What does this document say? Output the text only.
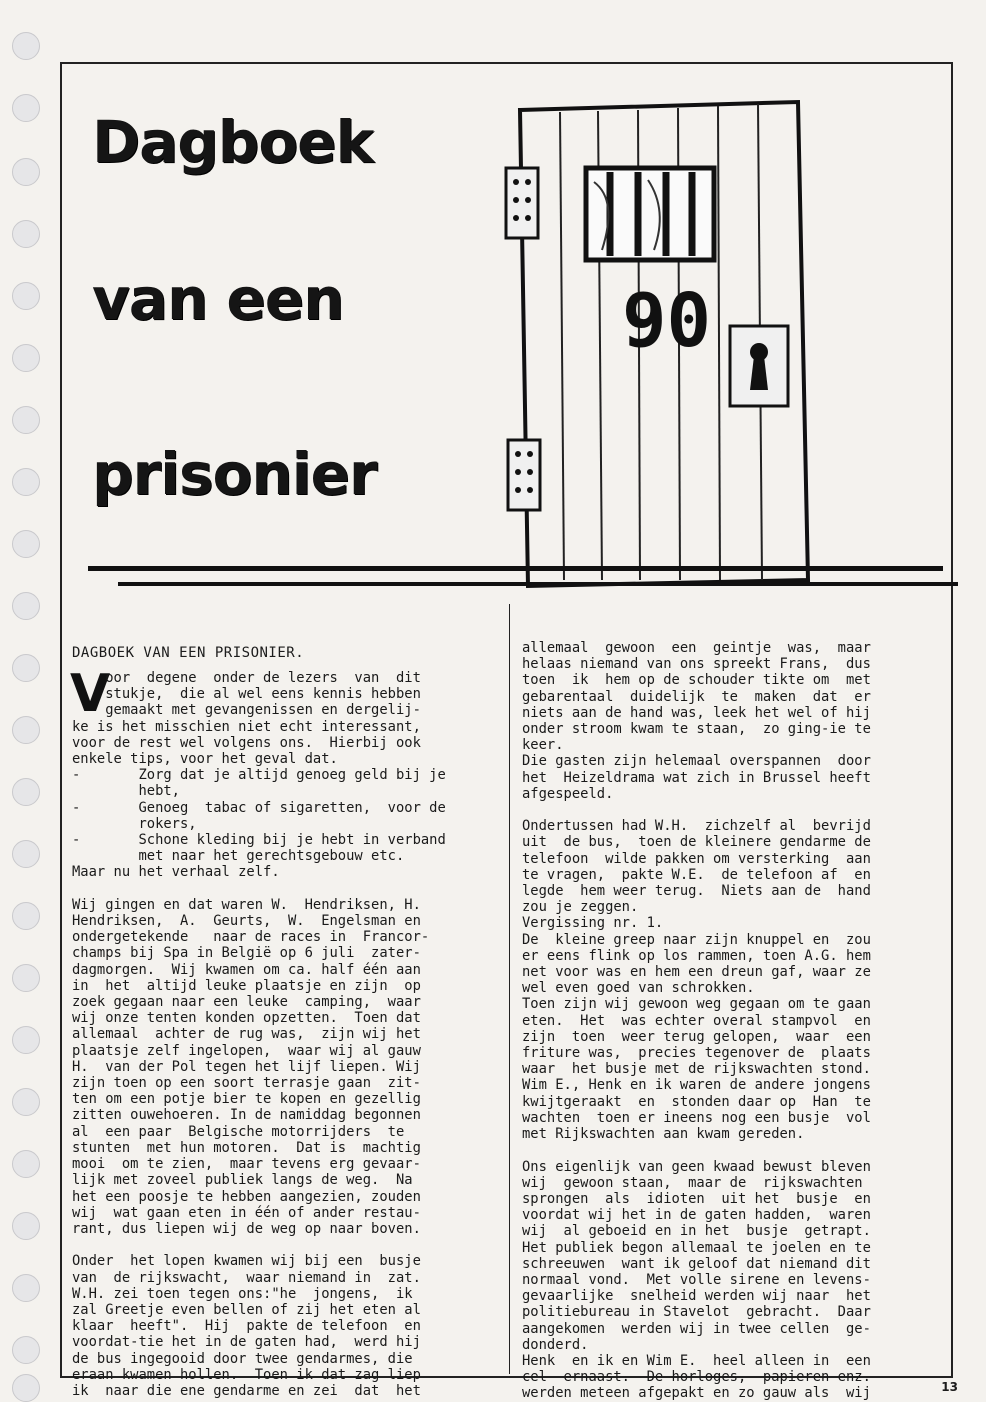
Dagboek
van een
prisonier
90
DAGBOEK VAN EEN PRISONIER.
V
oor  degene  onder de lezers  van  dit
stukje,  die al wel eens kennis hebben
gemaakt met gevangenissen en dergelij-
ke is het misschien niet echt interessant,
voor de rest wel volgens ons.  Hierbij ook
enkele tips, voor het geval dat.
-       Zorg dat je altijd genoeg geld bij je
hebt,
-       Genoeg  tabac of sigaretten,  voor de
rokers,
-       Schone kleding bij je hebt in verband
met naar het gerechtsgebouw etc.
Maar nu het verhaal zelf.

Wij gingen en dat waren W.  Hendriksen, H.
Hendriksen,  A.  Geurts,  W.  Engelsman en
ondergetekende   naar de races in  Francor-
champs bij Spa in België op 6 juli  zater-
dagmorgen.  Wij kwamen om ca. half één aan
in  het  altijd leuke plaatsje en zijn  op
zoek gegaan naar een leuke  camping,  waar
wij onze tenten konden opzetten.  Toen dat
allemaal  achter de rug was,  zijn wij het
plaatsje zelf ingelopen,  waar wij al gauw
H.  van der Pol tegen het lijf liepen. Wij
zijn toen op een soort terrasje gaan  zit-
ten om een potje bier te kopen en gezellig
zitten ouwehoeren. In de namiddag begonnen
al  een paar  Belgische motorrijders  te
stunten  met hun motoren.  Dat is  machtig
mooi  om te zien,  maar tevens erg gevaar-
lijk met zoveel publiek langs de weg.  Na
het een poosje te hebben aangezien, zouden
wij  wat gaan eten in één of ander restau-
rant, dus liepen wij de weg op naar boven.

Onder  het lopen kwamen wij bij een  busje
van  de rijkswacht,  waar niemand in  zat.
W.H. zei toen tegen ons:"he  jongens,  ik
zal Greetje even bellen of zij het eten al
klaar  heeft".  Hij  pakte de telefoon  en
voordat-tie het in de gaten had,  werd hij
de bus ingegooid door twee gendarmes, die
eraan kwamen hollen.  Toen ik dat zag liep
ik  naar die ene gendarme en zei  dat  het
allemaal  gewoon  een  geintje  was,  maar
helaas niemand van ons spreekt Frans,  dus
toen  ik  hem op de schouder tikte om  met
gebarentaal  duidelijk  te  maken  dat  er
niets aan de hand was, leek het wel of hij
onder stroom kwam te staan,  zo ging-ie te
keer.
Die gasten zijn helemaal overspannen  door
het  Heizeldrama wat zich in Brussel heeft
afgespeeld.

Ondertussen had W.H.  zichzelf al  bevrijd
uit  de bus,  toen de kleinere gendarme de
telefoon  wilde pakken om versterking  aan
te vragen,  pakte W.E.  de telefoon af  en
legde  hem weer terug.  Niets aan de  hand
zou je zeggen.
Vergissing nr. 1.
De  kleine greep naar zijn knuppel en  zou
er eens flink op los rammen, toen A.G. hem
net voor was en hem een dreun gaf, waar ze
wel even goed van schrokken.
Toen zijn wij gewoon weg gegaan om te gaan
eten.  Het  was echter overal stampvol  en
zijn  toen  weer terug gelopen,  waar  een
friture was,  precies tegenover de  plaats
waar  het busje met de rijkswachten stond.
Wim E., Henk en ik waren de andere jongens
kwijtgeraakt  en  stonden daar op  Han  te
wachten  toen er ineens nog een busje  vol
met Rijkswachten aan kwam gereden.

Ons eigenlijk van geen kwaad bewust bleven
wij  gewoon staan,  maar de  rijkswachten
sprongen  als  idioten  uit het  busje  en
voordat wij het in de gaten hadden,  waren
wij  al geboeid en in het  busje  getrapt.
Het publiek begon allemaal te joelen en te
schreeuwen  want ik geloof dat niemand dit
normaal vond.  Met volle sirene en levens-
gevaarlijke  snelheid werden wij naar  het
politiebureau in Stavelot  gebracht.  Daar
aangekomen  werden wij in twee cellen  ge-
donderd.
Henk  en ik en Wim E.  heel alleen in  een
cel  ernaast.  De horloges,  papieren enz.
werden meteen afgepakt en zo gauw als  wij	13
